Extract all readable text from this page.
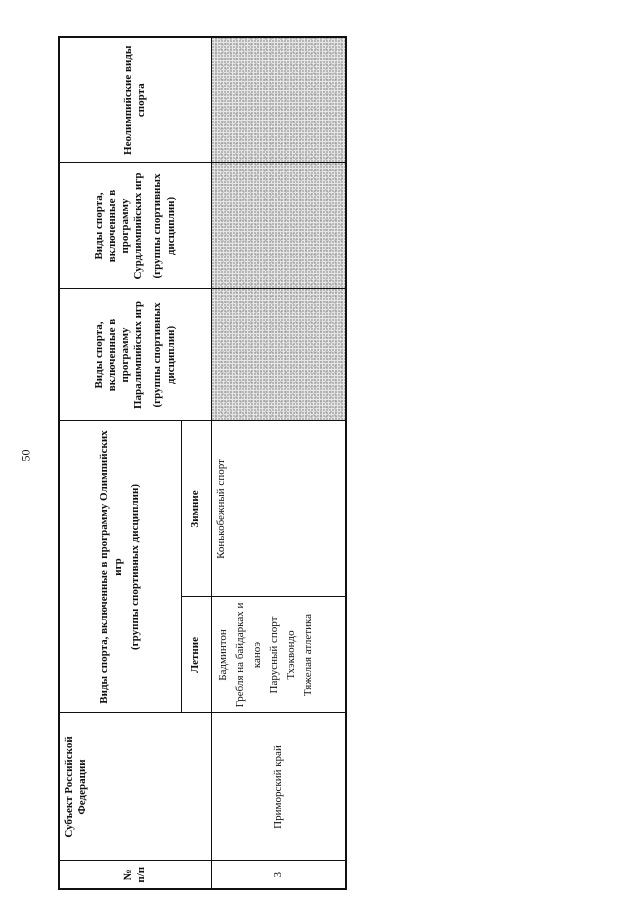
50
№ п/п	Субъект Российской Федерации	Виды спорта, включенные в программу Олимпийских игр (группы спортивных дисциплин)		Виды спорта, включенные в программу Паралимпийских игр (группы спортивных дисциплин)	Виды спорта, включенные в программу Сурдлимпийских игр (группы спортивных дисциплин)	Неолимпийские виды спорта
		Летние	Зимние			
3	Приморский край	Бадминтон Гребля на байдарках и каноэ Парусный спорт Тхэквондо Тяжелая атлетика	Конькобежный спорт			
